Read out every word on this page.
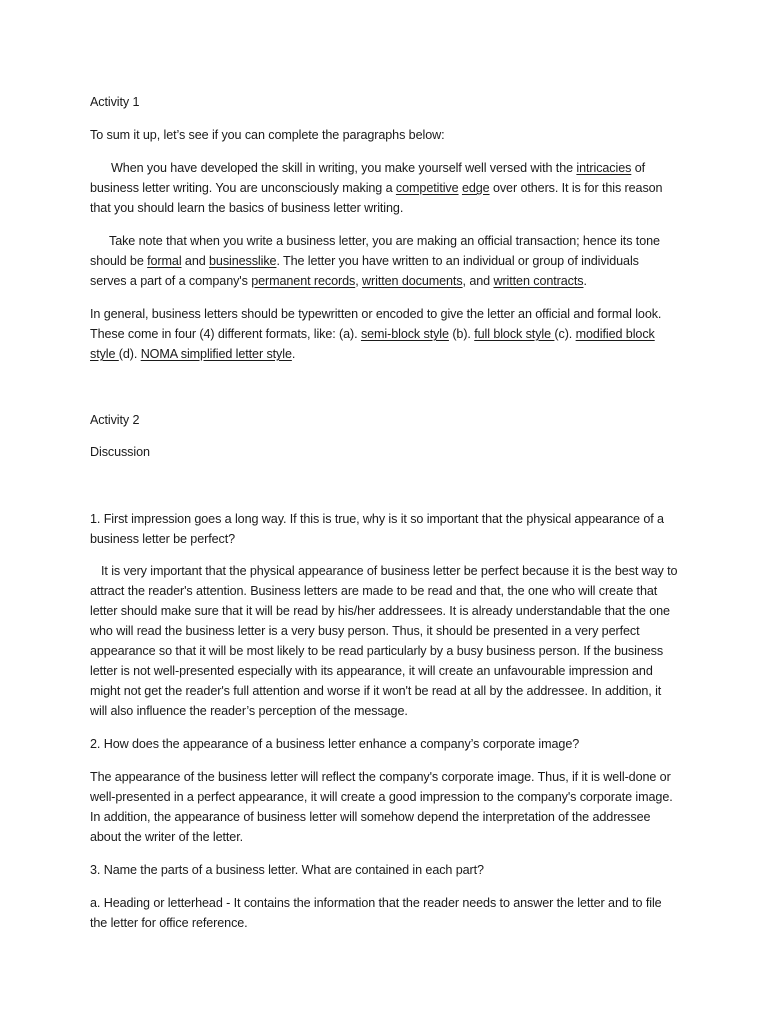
Activity 1

To sum it up, let’s see if you can complete the paragraphs below:

When you have developed the skill in writing, you make yourself well versed with the intricacies of business letter writing. You are unconsciously making a competitive edge over others. It is for this reason that you should learn the basics of business letter writing.

Take note that when you write a business letter, you are making an official transaction; hence its tone should be formal and businesslike. The letter you have written to an individual or group of individuals serves a part of a company's permanent records, written documents, and written contracts.

In general, business letters should be typewritten or encoded to give the letter an official and formal look. These come in four (4) different formats, like: (a). semi-block style (b). full block style (c). modified block style (d). NOMA simplified letter style.

Activity 2

Discussion

1. First impression goes a long way. If this is true, why is it so important that the physical appearance of a business letter be perfect?

It is very important that the physical appearance of business letter be perfect because it is the best way to attract the reader's attention. Business letters are made to be read and that, the one who will create that letter should make sure that it will be read by his/her addressees. It is already understandable that the one who will read the business letter is a very busy person. Thus, it should be presented in a very perfect appearance so that it will be most likely to be read particularly by a busy business person. If the business letter is not well-presented especially with its appearance, it will create an unfavourable impression and might not get the reader's full attention and worse if it won't be read at all by the addressee. In addition, it will also influence the reader’s perception of the message.

2. How does the appearance of a business letter enhance a company’s corporate image?

The appearance of the business letter will reflect the company's corporate image. Thus, if it is well-done or well-presented in a perfect appearance, it will create a good impression to the company's corporate image. In addition, the appearance of business letter will somehow depend the interpretation of the addressee about the writer of the letter.

3. Name the parts of a business letter. What are contained in each part?

a. Heading or letterhead - It contains the information that the reader needs to answer the letter and to file the letter for office reference.
